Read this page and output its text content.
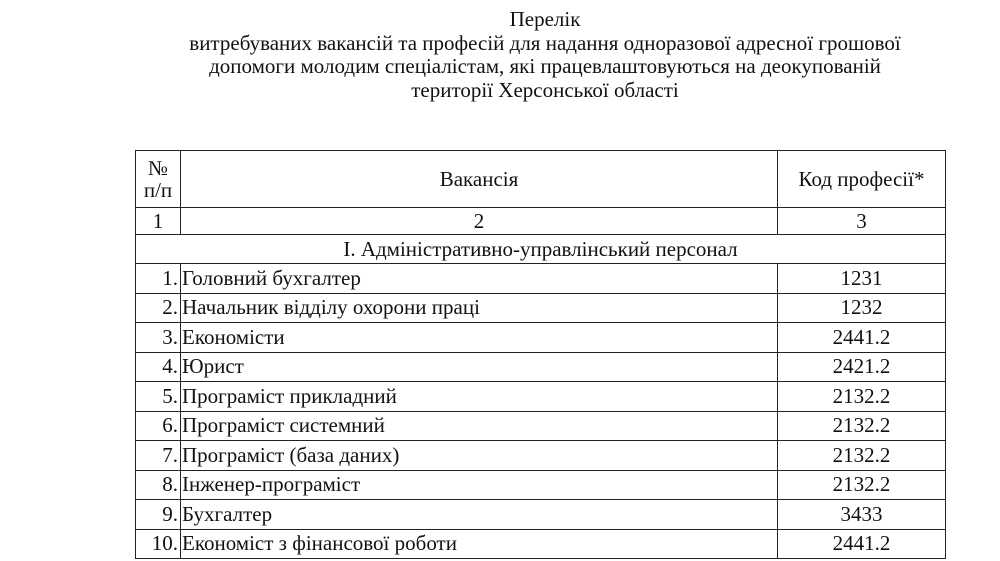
Перелік
витребуваних вакансій та професій для надання одноразової адресної грошової
допомоги молодим спеціалістам, які працевлаштовуються на деокупованій
території Херсонської області
№
п/п	Вакансія	Код професії*
1	2	3
І. Адміністративно-управлінський персонал		
1.	Головний бухгалтер	1231
2.	Начальник відділу охорони праці	1232
3.	Економісти	2441.2
4.	Юрист	2421.2
5.	Програміст прикладний	2132.2
6.	Програміст системний	2132.2
7.	Програміст (база даних)	2132.2
8.	Інженер-програміст	2132.2
9.	Бухгалтер	3433
10.	Економіст з фінансової роботи	2441.2
